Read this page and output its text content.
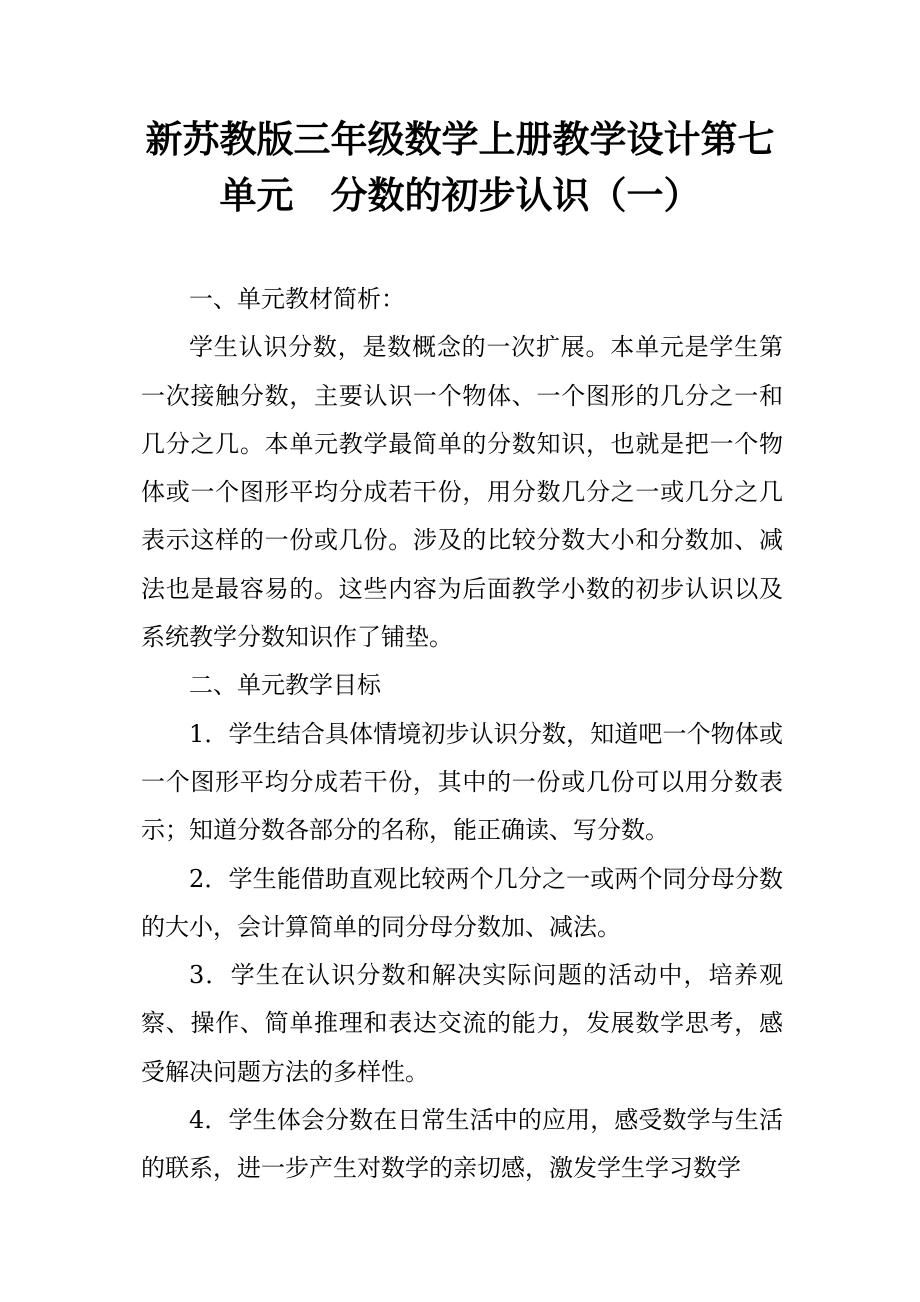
新苏教版三年级数学上册教学设计第七
单元　分数的初步认识（一）

一、单元教材简析：

学生认识分数，是数概念的一次扩展。本单元是学生第一次接触分数，主要认识一个物体、一个图形的几分之一和几分之几。本单元教学最简单的分数知识，也就是把一个物体或一个图形平均分成若干份，用分数几分之一或几分之几表示这样的一份或几份。涉及的比较分数大小和分数加、减法也是最容易的。这些内容为后面教学小数的初步认识以及系统教学分数知识作了铺垫。

二、单元教学目标

1．学生结合具体情境初步认识分数，知道吧一个物体或一个图形平均分成若干份，其中的一份或几份可以用分数表示；知道分数各部分的名称，能正确读、写分数。

2．学生能借助直观比较两个几分之一或两个同分母分数的大小，会计算简单的同分母分数加、减法。

3．学生在认识分数和解决实际问题的活动中，培养观察、操作、简单推理和表达交流的能力，发展数学思考，感受解决问题方法的多样性。

4．学生体会分数在日常生活中的应用，感受数学与生活的联系，进一步产生对数学的亲切感，激发学生学习数学
